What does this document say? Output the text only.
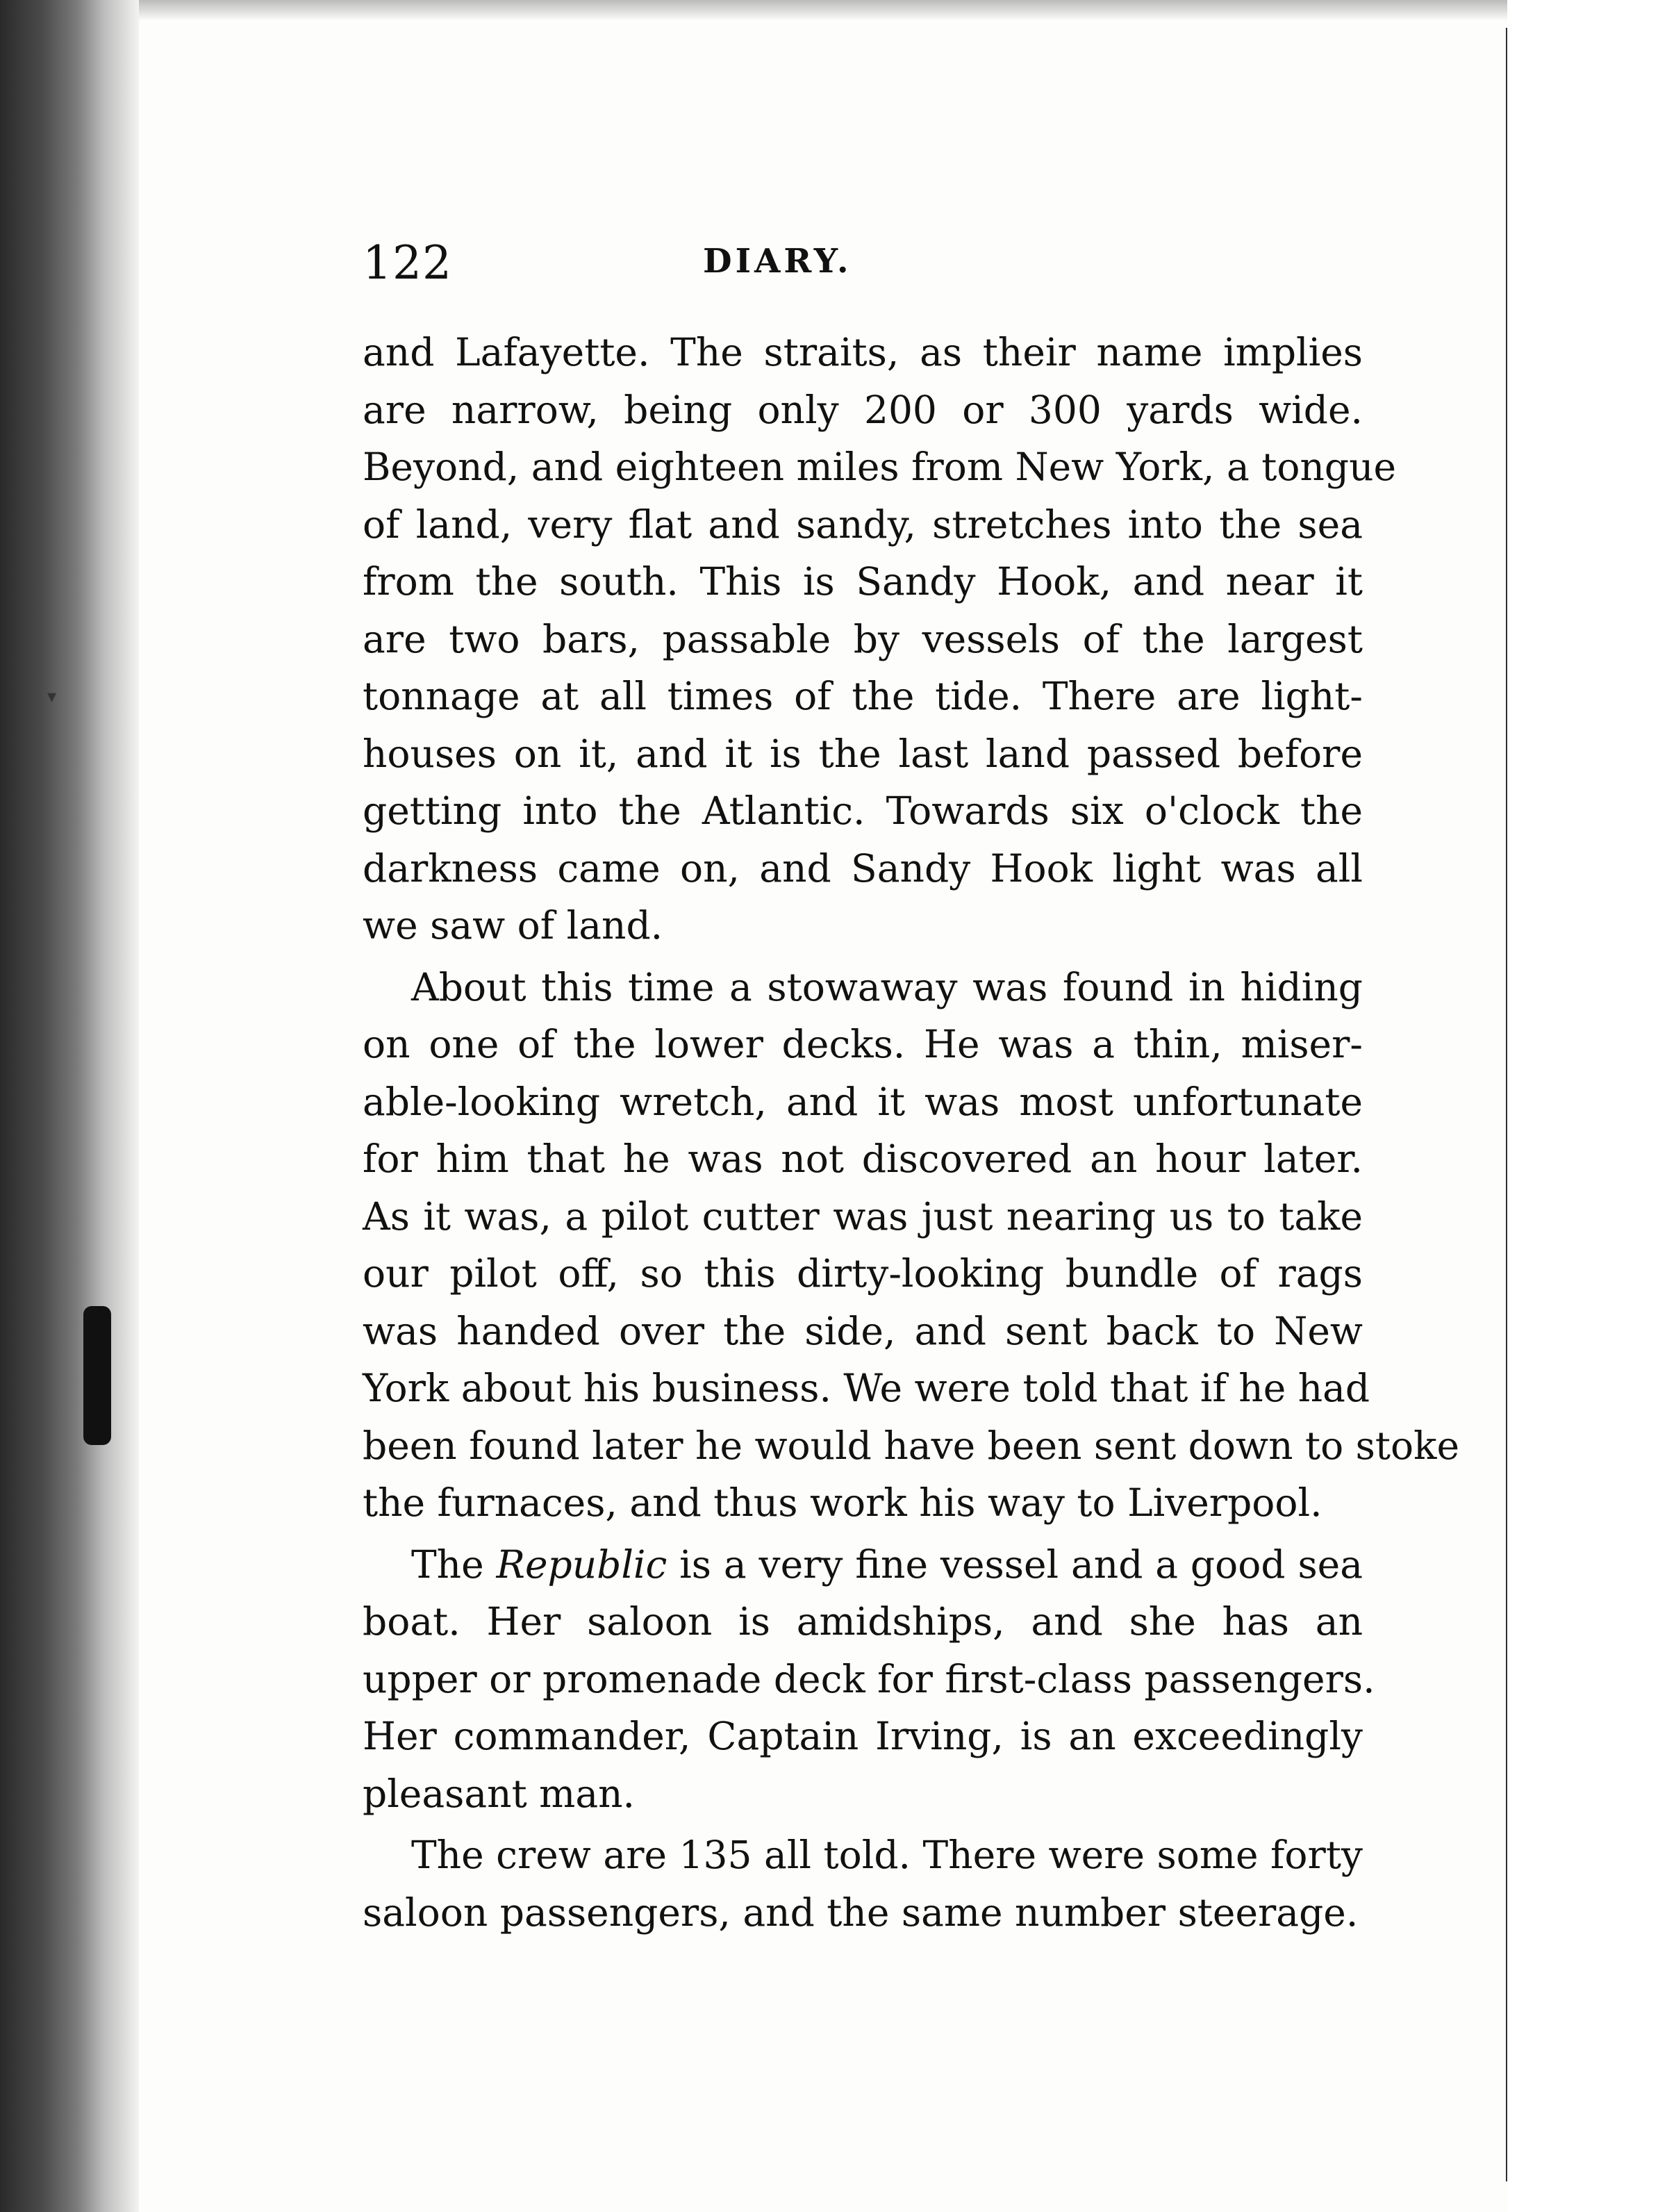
▾
122	DIARY.
and Lafayette. The straits, as their name implies
are narrow, being only 200 or 300 yards wide.
Beyond, and eighteen miles from New York, a tongue
of land, very flat and sandy, stretches into the sea
from the south. This is Sandy Hook, and near it
are two bars, passable by vessels of the largest
tonnage at all times of the tide. There are light-
houses on it, and it is the last land passed before
getting into the Atlantic. Towards six o'clock the
darkness came on, and Sandy Hook light was all
we saw of land.
About this time a stowaway was found in hiding
on one of the lower decks. He was a thin, miser-
able-looking wretch, and it was most unfortunate
for him that he was not discovered an hour later.
As it was, a pilot cutter was just nearing us to take
our pilot off, so this dirty-looking bundle of rags
was handed over the side, and sent back to New
York about his business. We were told that if he had
been found later he would have been sent down to stoke
the furnaces, and thus work his way to Liverpool.
The Republic is a very fine vessel and a good sea
boat. Her saloon is amidships, and she has an
upper or promenade deck for first-class passengers.
Her commander, Captain Irving, is an exceedingly
pleasant man.
The crew are 135 all told. There were some forty
saloon passengers, and the same number steerage.
